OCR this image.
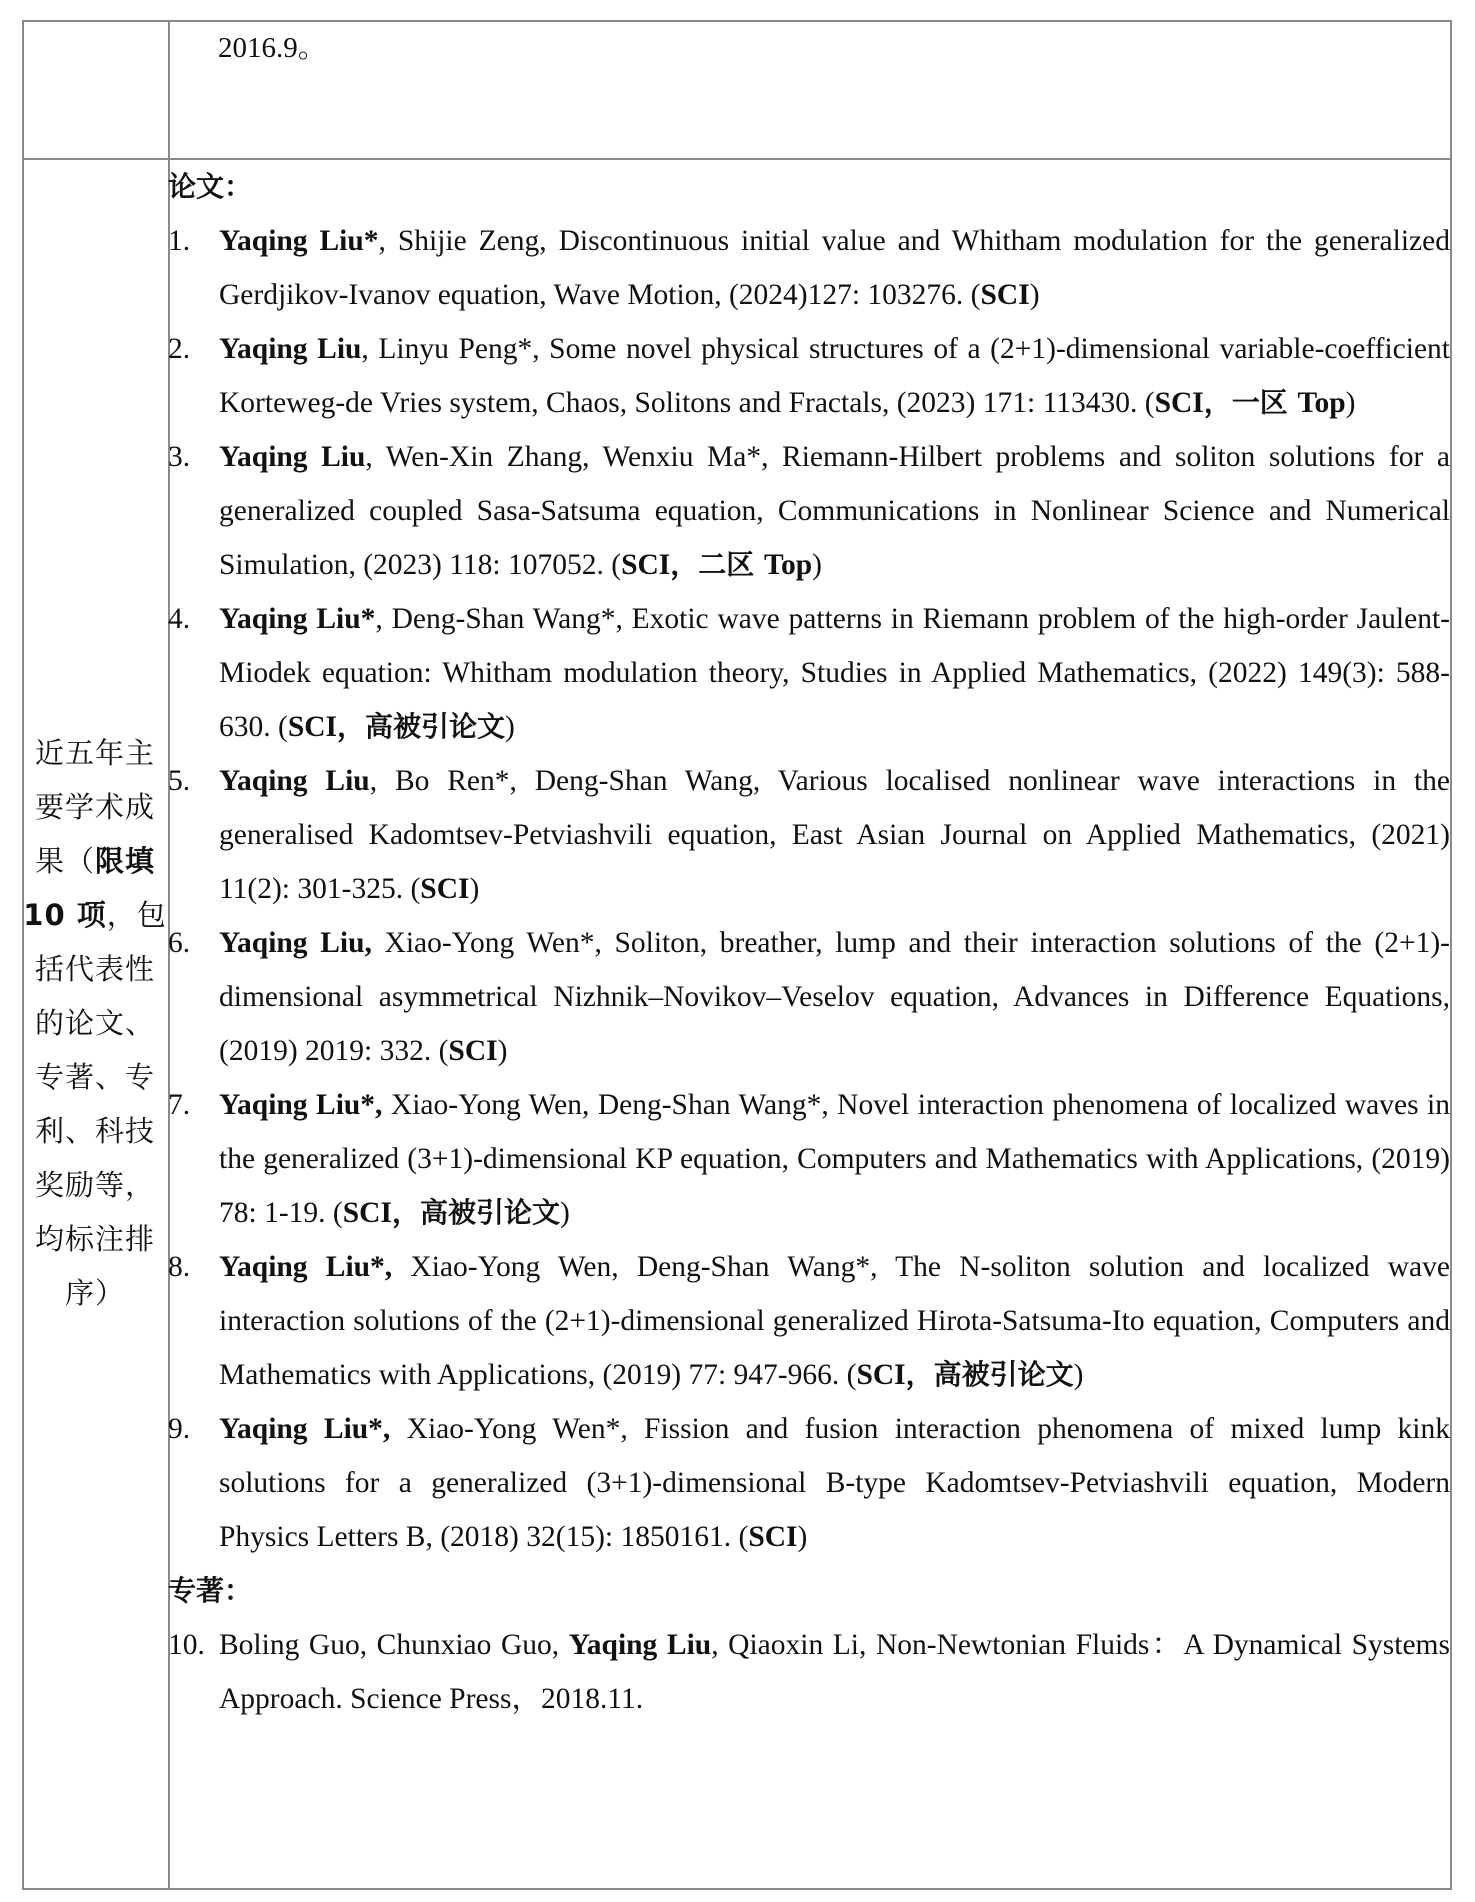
2016.9。
近五年主
要学术成
果（限填
10 项，包
括代表性
的论文、
专著、专
利、科技
奖励等，
均标注排
序）
论文：
1. Yaqing Liu*, Shijie Zeng, Discontinuous initial value and Whitham modulation for the generalized Gerdjikov-Ivanov equation, Wave Motion, (2024)127: 103276. (SCI)
2. Yaqing Liu, Linyu Peng*, Some novel physical structures of a (2+1)-dimensional variable-coefficient Korteweg-de Vries system, Chaos, Solitons and Fractals, (2023) 171: 113430. (SCI，一区 Top)
3. Yaqing Liu, Wen-Xin Zhang, Wenxiu Ma*, Riemann-Hilbert problems and soliton solutions for a generalized coupled Sasa-Satsuma equation, Communications in Nonlinear Science and Numerical Simulation, (2023) 118: 107052. (SCI，二区 Top)
4. Yaqing Liu*, Deng-Shan Wang*, Exotic wave patterns in Riemann problem of the high-order Jaulent-Miodek equation: Whitham modulation theory, Studies in Applied Mathematics, (2022) 149(3): 588-630. (SCI，高被引论文)
5. Yaqing Liu, Bo Ren*, Deng-Shan Wang, Various localised nonlinear wave interactions in the generalised Kadomtsev-Petviashvili equation, East Asian Journal on Applied Mathematics, (2021) 11(2): 301-325. (SCI)
6. Yaqing Liu, Xiao-Yong Wen*, Soliton, breather, lump and their interaction solutions of the (2+1)-dimensional asymmetrical Nizhnik–Novikov–Veselov equation, Advances in Difference Equations, (2019) 2019: 332. (SCI)
7. Yaqing Liu*, Xiao-Yong Wen, Deng-Shan Wang*, Novel interaction phenomena of localized waves in the generalized (3+1)-dimensional KP equation, Computers and Mathematics with Applications, (2019) 78: 1-19. (SCI，高被引论文)
8. Yaqing Liu*, Xiao-Yong Wen, Deng-Shan Wang*, The N-soliton solution and localized wave interaction solutions of the (2+1)-dimensional generalized Hirota-Satsuma-Ito equation, Computers and Mathematics with Applications, (2019) 77: 947-966. (SCI，高被引论文)
9. Yaqing Liu*, Xiao-Yong Wen*, Fission and fusion interaction phenomena of mixed lump kink solutions for a generalized (3+1)-dimensional B-type Kadomtsev-Petviashvili equation, Modern Physics Letters B, (2018) 32(15): 1850161. (SCI)
专著：
10. Boling Guo, Chunxiao Guo, Yaqing Liu, Qiaoxin Li, Non-Newtonian Fluids：A Dynamical Systems Approach. Science Press，2018.11.
